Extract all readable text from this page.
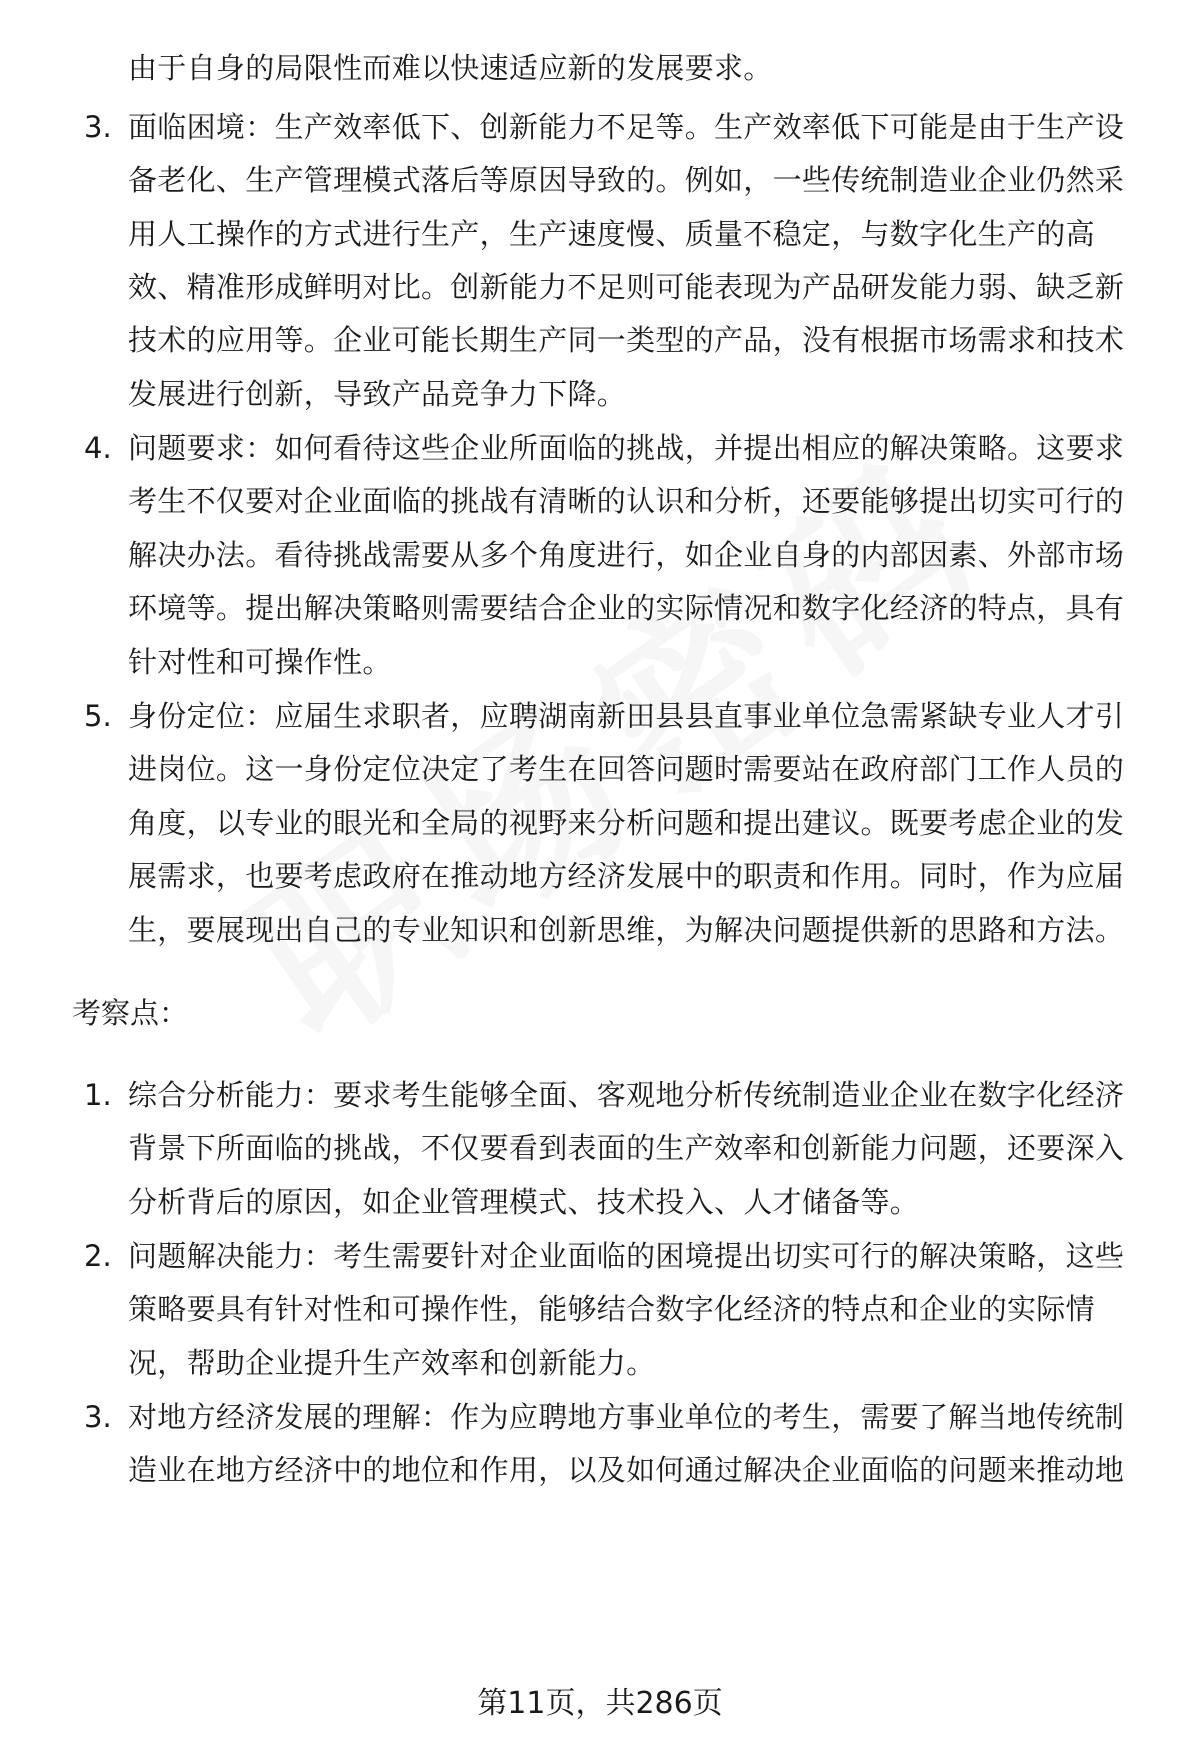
由于自身的局限性而难以快速适应新的发展要求。
3. 面临困境：生产效率低下、创新能力不足等。生产效率低下可能是由于生产设
备老化、生产管理模式落后等原因导致的。例如，一些传统制造业企业仍然采
用人工操作的方式进行生产，生产速度慢、质量不稳定，与数字化生产的高
效、精准形成鲜明对比。创新能力不足则可能表现为产品研发能力弱、缺乏新
技术的应用等。企业可能长期生产同一类型的产品，没有根据市场需求和技术
发展进行创新，导致产品竞争力下降。
4. 问题要求：如何看待这些企业所面临的挑战，并提出相应的解决策略。这要求
考生不仅要对企业面临的挑战有清晰的认识和分析，还要能够提出切实可行的
解决办法。看待挑战需要从多个角度进行，如企业自身的内部因素、外部市场
环境等。提出解决策略则需要结合企业的实际情况和数字化经济的特点，具有
针对性和可操作性。
5. 身份定位：应届生求职者，应聘湖南新田县县直事业单位急需紧缺专业人才引
进岗位。这一身份定位决定了考生在回答问题时需要站在政府部门工作人员的
角度，以专业的眼光和全局的视野来分析问题和提出建议。既要考虑企业的发
展需求，也要考虑政府在推动地方经济发展中的职责和作用。同时，作为应届
生，要展现出自己的专业知识和创新思维，为解决问题提供新的思路和方法。
考察点：
1. 综合分析能力：要求考生能够全面、客观地分析传统制造业企业在数字化经济
背景下所面临的挑战，不仅要看到表面的生产效率和创新能力问题，还要深入
分析背后的原因，如企业管理模式、技术投入、人才储备等。
2. 问题解决能力：考生需要针对企业面临的困境提出切实可行的解决策略，这些
策略要具有针对性和可操作性，能够结合数字化经济的特点和企业的实际情
况，帮助企业提升生产效率和创新能力。
3. 对地方经济发展的理解：作为应聘地方事业单位的考生，需要了解当地传统制
造业在地方经济中的地位和作用，以及如何通过解决企业面临的问题来推动地
第11页，共286页
